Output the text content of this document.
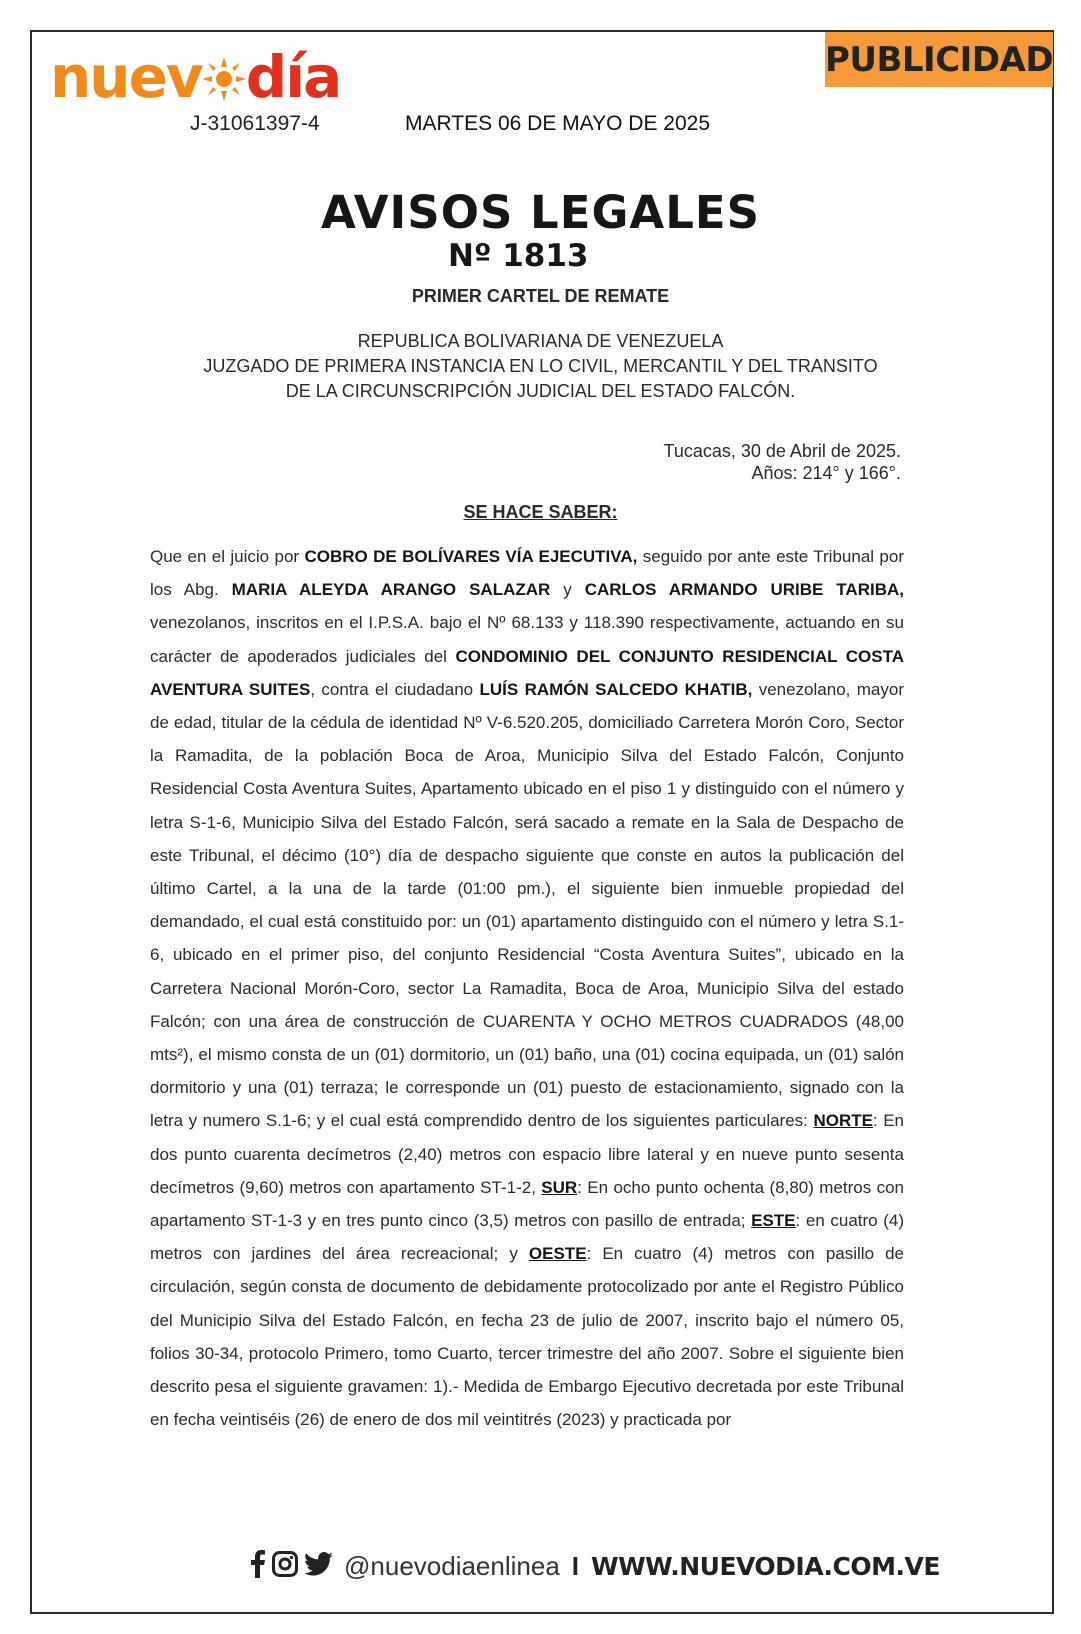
nuev día
J-31061397-4	MARTES 06 DE MAYO DE 2025
PUBLICIDAD
AVISOS LEGALES
Nº 1813
PRIMER CARTEL DE REMATE
REPUBLICA BOLIVARIANA DE VENEZUELA
JUZGADO DE PRIMERA INSTANCIA EN LO CIVIL, MERCANTIL Y DEL TRANSITO
DE LA CIRCUNSCRIPCIÓN JUDICIAL DEL ESTADO FALCÓN.
Tucacas, 30 de Abril de 2025.
Años: 214° y 166°.
SE HACE SABER:

Que en el juicio por COBRO DE BOLÍVARES VÍA EJECUTIVA, seguido por ante este Tribunal por los Abg. MARIA ALEYDA ARANGO SALAZAR y CARLOS ARMANDO URIBE TARIBA, venezolanos, inscritos en el I.P.S.A. bajo el Nº 68.133 y 118.390 respectivamente, actuando en su carácter de apoderados judiciales del CONDOMINIO DEL CONJUNTO RESIDENCIAL COSTA AVENTURA SUITES, contra el ciudadano LUÍS RAMÓN SALCEDO KHATIB, venezolano, mayor de edad, titular de la cédula de identidad Nº V-6.520.205, domiciliado Carretera Morón Coro, Sector la Ramadita, de la población Boca de Aroa, Municipio Silva del Estado Falcón, Conjunto Residencial Costa Aventura Suites, Apartamento ubicado en el piso 1 y distinguido con el número y letra S-1-6, Municipio Silva del Estado Falcón, será sacado a remate en la Sala de Despacho de este Tribunal, el décimo (10°) día de despacho siguiente que conste en autos la publicación del último Cartel, a la una de la tarde (01:00 pm.), el siguiente bien inmueble propiedad del demandado, el cual está constituido por: un (01) apartamento distinguido con el número y letra S.1-6, ubicado en el primer piso, del conjunto Residencial “Costa Aventura Suites”, ubicado en la Carretera Nacional Morón-Coro, sector La Ramadita, Boca de Aroa, Municipio Silva del estado Falcón; con una área de construcción de CUARENTA Y OCHO METROS CUADRADOS (48,00 mts²), el mismo consta de un (01) dormitorio, un (01) baño, una (01) cocina equipada, un (01) salón dormitorio y una (01) terraza; le corresponde un (01) puesto de estacionamiento, signado con la letra y numero S.1-6; y el cual está comprendido dentro de los siguientes particulares: NORTE: En dos punto cuarenta decímetros (2,40) metros con espacio libre lateral y en nueve punto sesenta decímetros (9,60) metros con apartamento ST-1-2, SUR: En ocho punto ochenta (8,80) metros con apartamento ST-1-3 y en tres punto cinco (3,5) metros con pasillo de entrada; ESTE: en cuatro (4) metros con jardines del área recreacional; y OESTE: En cuatro (4) metros con pasillo de circulación, según consta de documento de debidamente protocolizado por ante el Registro Público del Municipio Silva del Estado Falcón, en fecha 23 de julio de 2007, inscrito bajo el número 05, folios 30-34, protocolo Primero, tomo Cuarto, tercer trimestre del año 2007. Sobre el siguiente bien descrito pesa el siguiente gravamen: 1).- Medida de Embargo Ejecutivo decretada por este Tribunal en fecha veintiséis (26) de enero de dos mil veintitrés (2023) y practicada por

@nuevodiaenlinea I WWW.NUEVODIA.COM.VE
